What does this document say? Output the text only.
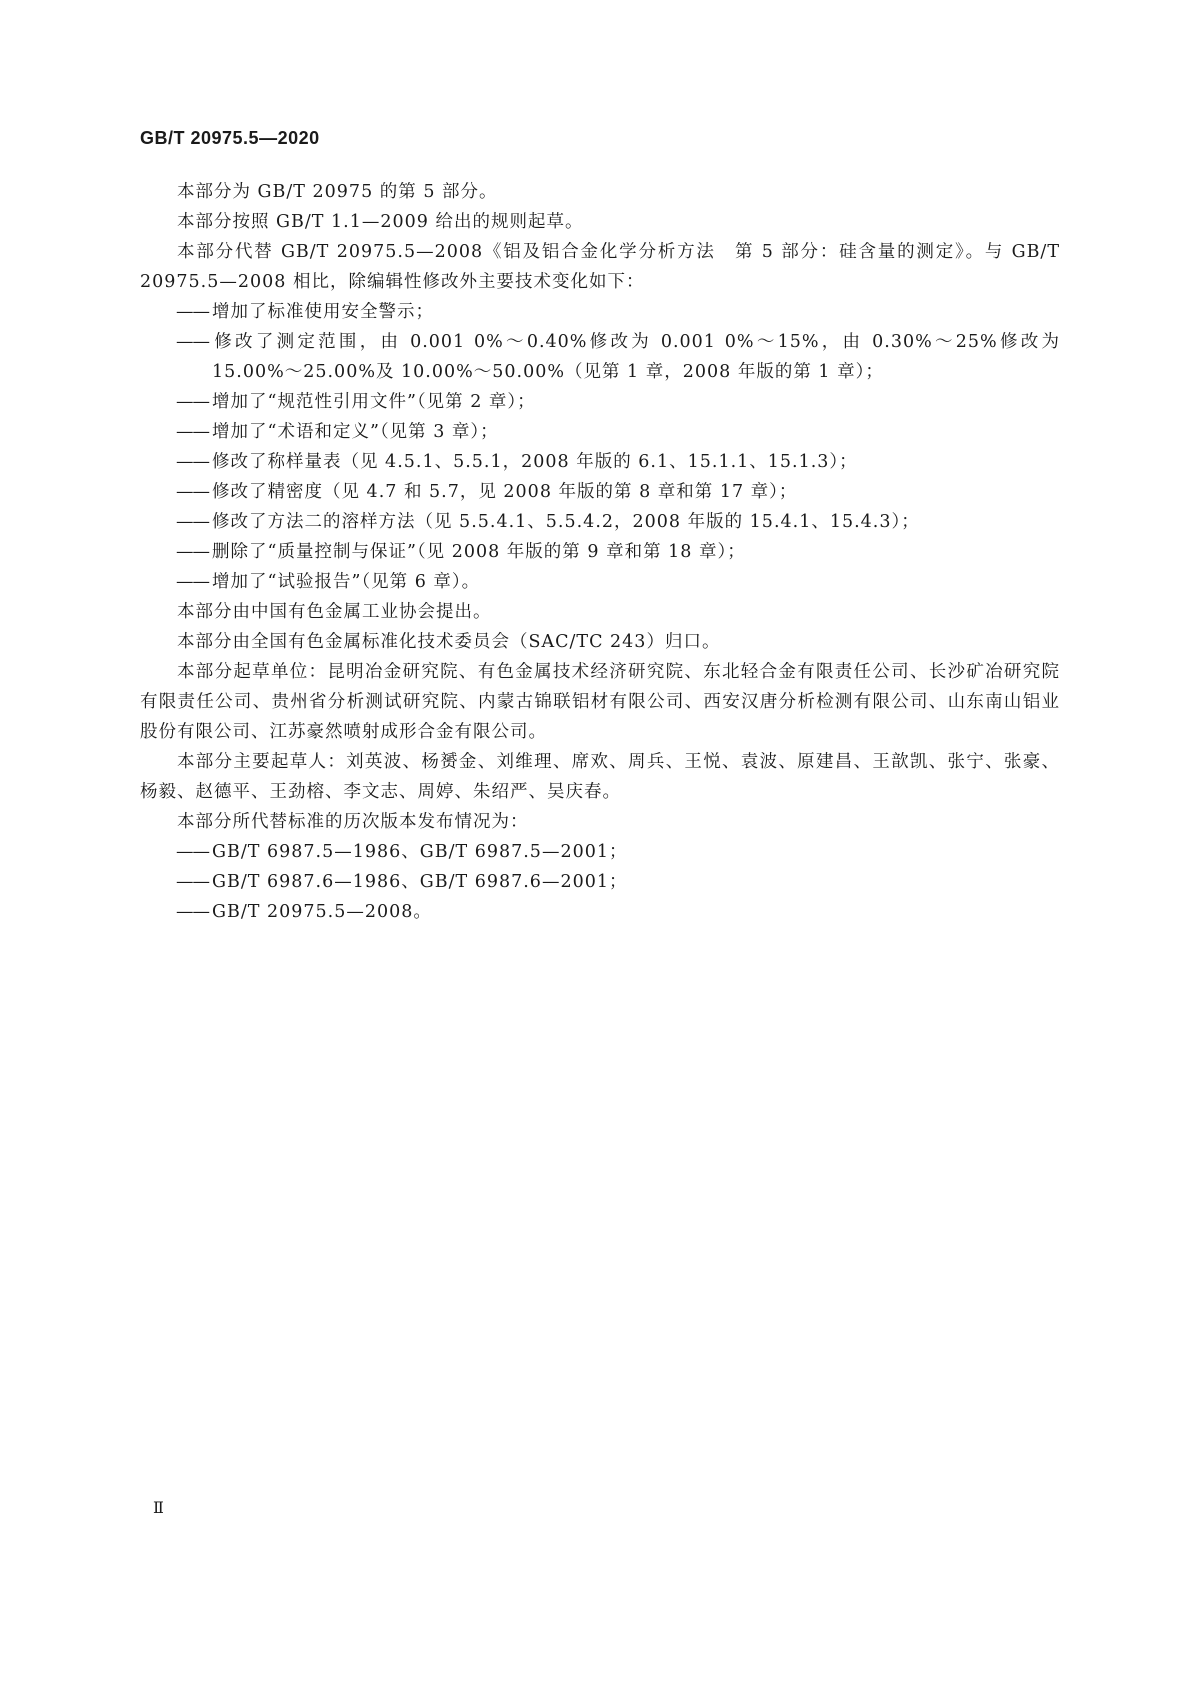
GB/T 20975.5—2020

本部分为 GB/T 20975 的第 5 部分。

本部分按照 GB/T 1.1—2009 给出的规则起草。

本部分代替 GB/T 20975.5—2008《铝及铝合金化学分析方法　第 5 部分：硅含量的测定》。与 GB/T 20975.5—2008 相比，除编辑性修改外主要技术变化如下：

—— 增加了标准使用安全警示；

—— 修改了测定范围，由 0.001 0%～0.40%修改为 0.001 0%～15%，由 0.30%～25%修改为 15.00%～25.00%及 10.00%～50.00%（见第 1 章，2008 年版的第 1 章）；

—— 增加了“规范性引用文件”（见第 2 章）；

—— 增加了“术语和定义”（见第 3 章）；

—— 修改了称样量表（见 4.5.1、5.5.1，2008 年版的 6.1、15.1.1、15.1.3）；

—— 修改了精密度（见 4.7 和 5.7，见 2008 年版的第 8 章和第 17 章）；

—— 修改了方法二的溶样方法（见 5.5.4.1、5.5.4.2，2008 年版的 15.4.1、15.4.3）；

—— 删除了“质量控制与保证”（见 2008 年版的第 9 章和第 18 章）；

—— 增加了“试验报告”（见第 6 章）。

本部分由中国有色金属工业协会提出。

本部分由全国有色金属标准化技术委员会（SAC/TC 243）归口。

本部分起草单位：昆明冶金研究院、有色金属技术经济研究院、东北轻合金有限责任公司、长沙矿冶研究院有限责任公司、贵州省分析测试研究院、内蒙古锦联铝材有限公司、西安汉唐分析检测有限公司、山东南山铝业股份有限公司、江苏豪然喷射成形合金有限公司。

本部分主要起草人：刘英波、杨赟金、刘维理、席欢、周兵、王悦、袁波、原建昌、王歆凯、张宁、张豪、杨毅、赵德平、王劲榕、李文志、周婷、朱绍严、吴庆春。

本部分所代替标准的历次版本发布情况为：

—— GB/T 6987.5—1986、GB/T 6987.5—2001；

—— GB/T 6987.6—1986、GB/T 6987.6—2001；

—— GB/T 20975.5—2008。

Ⅱ
